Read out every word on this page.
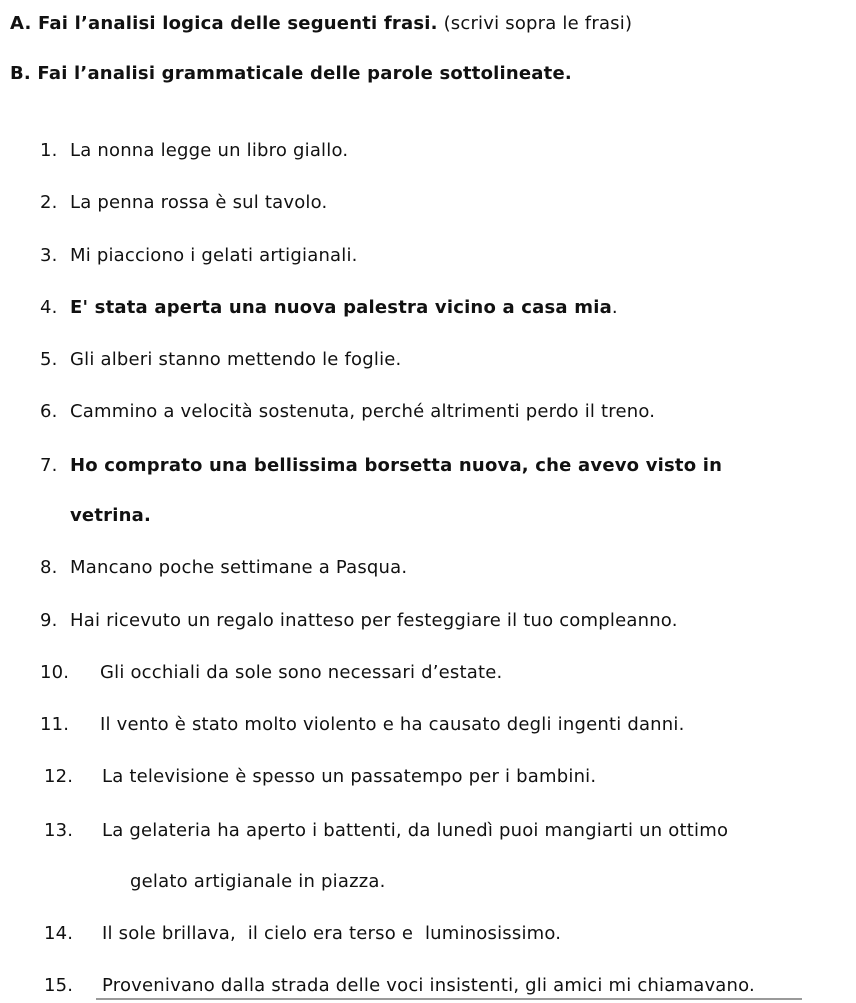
A. Fai l’analisi logica delle seguenti frasi. (scrivi sopra le frasi)
B. Fai l’analisi grammaticale delle parole sottolineate.
1. La nonna legge un libro giallo.
2. La penna rossa è sul tavolo.
3. Mi piacciono i gelati artigianali.
4. E' stata aperta una nuova palestra vicino a casa mia.
5. Gli alberi stanno mettendo le foglie.
6. Cammino a velocità sostenuta, perché altrimenti perdo il treno.
7. Ho comprato una bellissima borsetta nuova, che avevo visto in
vetrina.
8. Mancano poche settimane a Pasqua.
9. Hai ricevuto un regalo inatteso per festeggiare il tuo compleanno.
10. Gli occhiali da sole sono necessari d’estate.
11. Il vento è stato molto violento e ha causato degli ingenti danni.
12. La televisione è spesso un passatempo per i bambini.
13. La gelateria ha aperto i battenti, da lunedì puoi mangiarti un ottimo
gelato artigianale in piazza.
14. Il sole brillava,  il cielo era terso e  luminosissimo.
15. Provenivano dalla strada delle voci insistenti, gli amici mi chiamavano.
